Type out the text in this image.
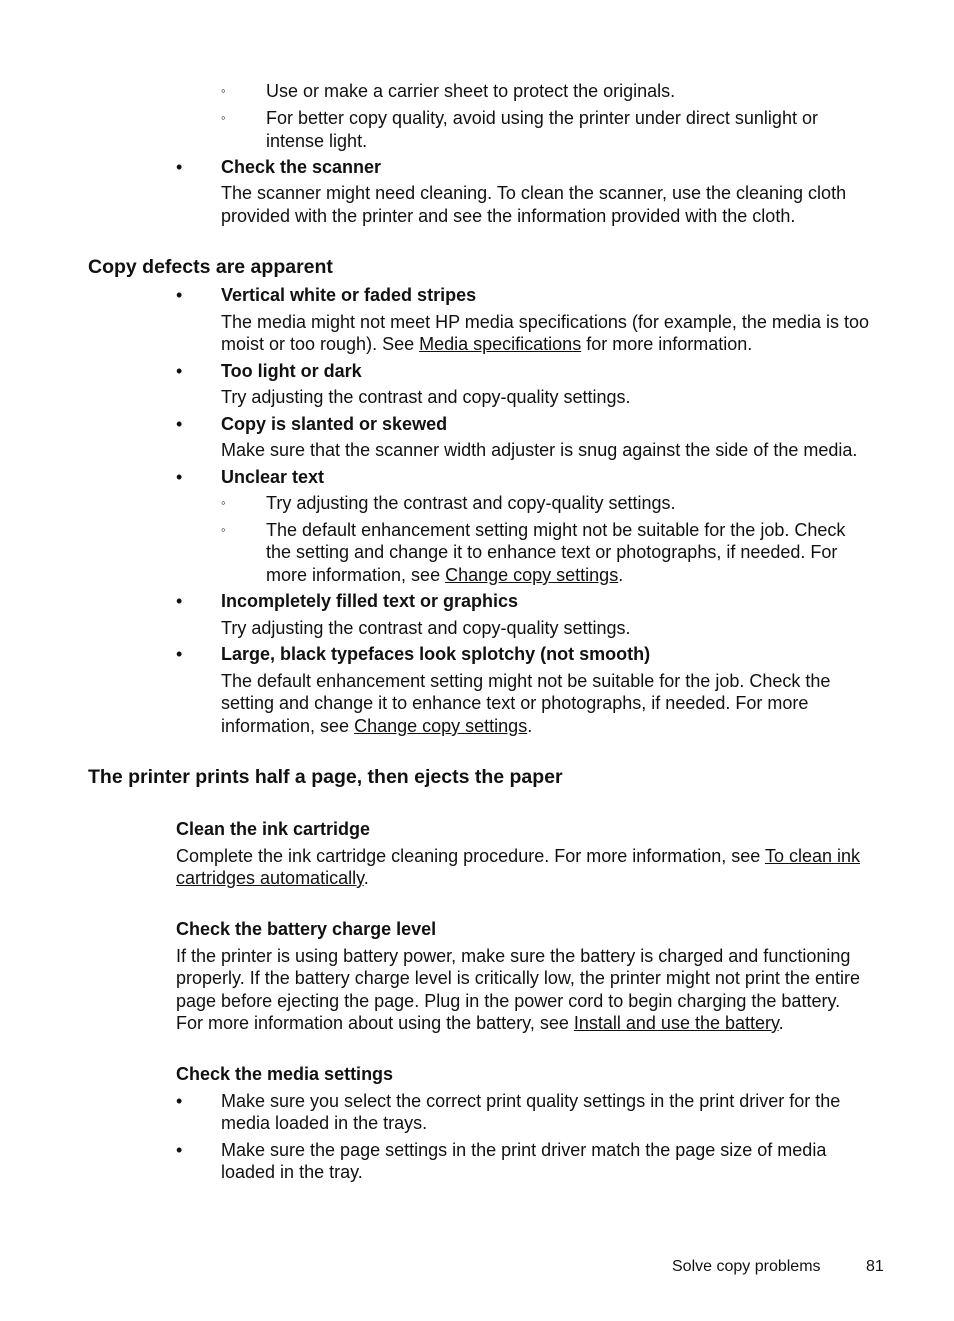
◦ Use or make a carrier sheet to protect the originals.
◦ For better copy quality, avoid using the printer under direct sunlight or
intense light.
• Check the scanner
The scanner might need cleaning. To clean the scanner, use the cleaning cloth
provided with the printer and see the information provided with the cloth.
Copy defects are apparent
• Vertical white or faded stripes
The media might not meet HP media specifications (for example, the media is too
moist or too rough). See Media specifications for more information.
• Too light or dark
Try adjusting the contrast and copy-quality settings.
• Copy is slanted or skewed
Make sure that the scanner width adjuster is snug against the side of the media.
• Unclear text
◦ Try adjusting the contrast and copy-quality settings.
◦ The default enhancement setting might not be suitable for the job. Check
the setting and change it to enhance text or photographs, if needed. For
more information, see Change copy settings.
• Incompletely filled text or graphics
Try adjusting the contrast and copy-quality settings.
• Large, black typefaces look splotchy (not smooth)
The default enhancement setting might not be suitable for the job. Check the
setting and change it to enhance text or photographs, if needed. For more
information, see Change copy settings.
The printer prints half a page, then ejects the paper
Clean the ink cartridge
Complete the ink cartridge cleaning procedure. For more information, see To clean ink
cartridges automatically.
Check the battery charge level
If the printer is using battery power, make sure the battery is charged and functioning
properly. If the battery charge level is critically low, the printer might not print the entire
page before ejecting the page. Plug in the power cord to begin charging the battery.
For more information about using the battery, see Install and use the battery.
Check the media settings
• Make sure you select the correct print quality settings in the print driver for the
media loaded in the trays.
• Make sure the page settings in the print driver match the page size of media
loaded in the tray.
Solve copy problems	81
